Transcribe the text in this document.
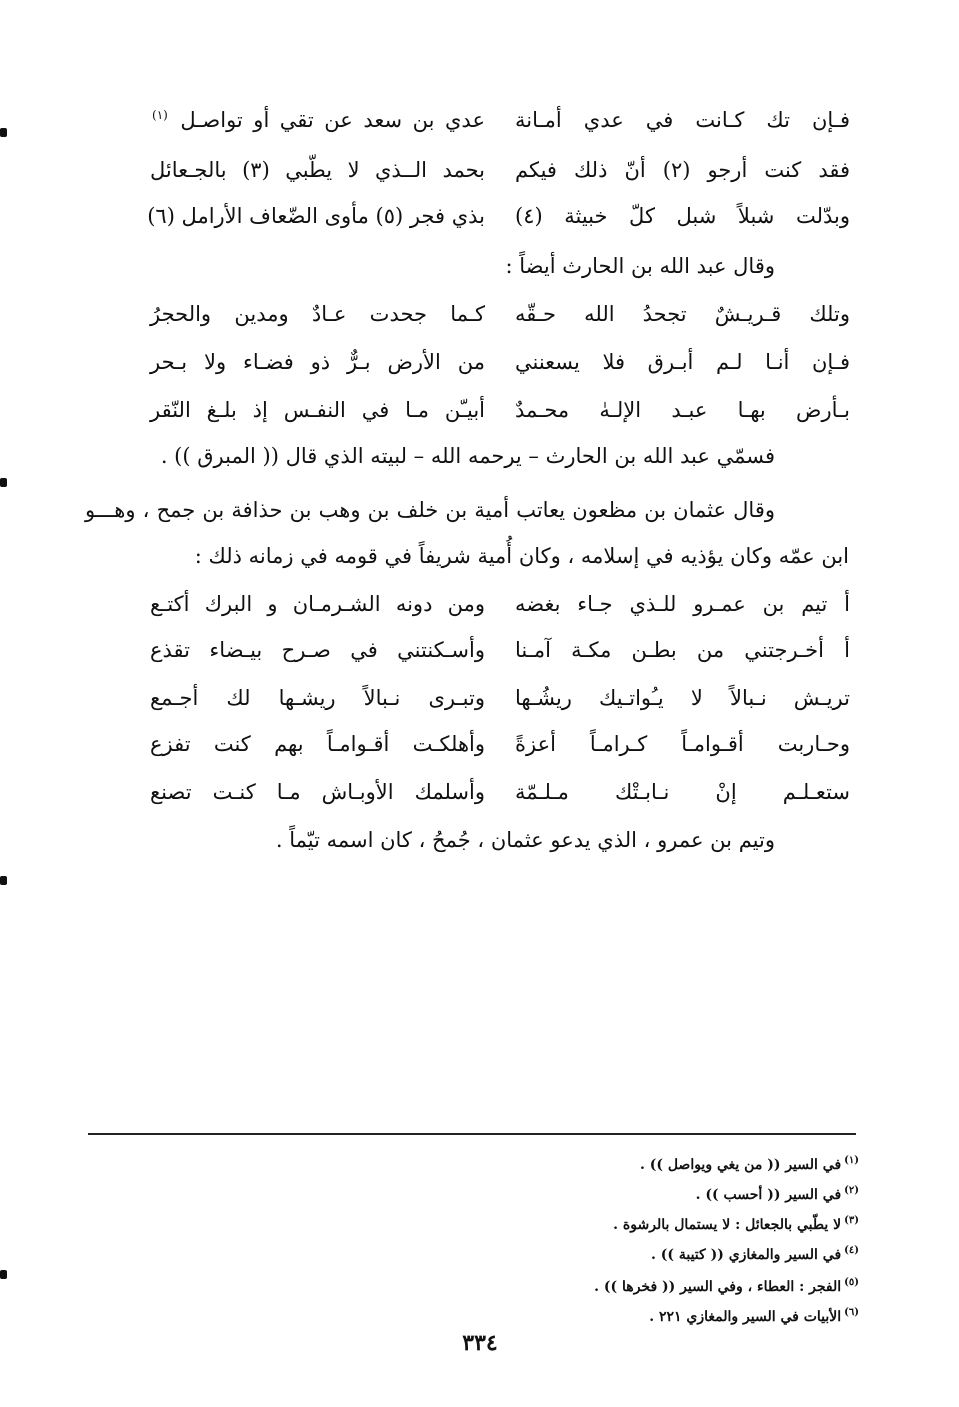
فـإن تك كـانت في عدي أمـانة
عدي بن سعد عن تقي أو تواصـل $^{(١)}$
فقد كنت أرجو (٢) أنّ ذلك فيكم
بحمد الــذي لا يطّبي (٣) بالجـعائل
وبدّلت شبلاً شبل كلّ خبيثة (٤)
بذي فجر (٥) مأوى الضّعاف الأرامل (٦)
وقال عبد الله بن الحارث أيضاً :
وتلك قـريـشٌ تجحدُ الله حـقّه
كـما جحدت عـادٌ ومدين والحجرُ
فـإن أنـا لـم أبـرق فلا يسعنني
من الأرض بـرٌّ ذو فضـاء ولا بـحر
بـأرض بهـا عبـد الإلـهٰ محـمدٌ
أبيـّن مـا في النفـس إذ بلـغ النّقر
فسمّي عبد الله بن الحارث – يرحمه الله – لبيته الذي قال (( المبرق )) .
وقال عثمان بن مظعون يعاتب أمية بن خلف بن وهب بن حذافة بن جمح ، وهـــو
ابن عمّه وكان يؤذيه في إسلامه ، وكان أُمية شريفاً في قومه في زمانه ذلك :
أ تيم بن عمـرو للـذي جـاء بغضه
ومن دونه الشـرمـان و البرك أكتـع
أ أخـرجتني من بطـن مكـة آمـنا
وأسـكنتني في صـرح بيـضاء تقذع
تريـش نـبالاً لا يـُواتـيك ريشُـها
وتبـرى نـبالاً ريشـها لك أجـمع
وحـاربت أقـوامـاً كـرامـاً أعزةً
وأهلكـت أقـوامـاً بهم كنت تفزع
ستعـلـم إنْ نـابـتْك مـلـمّة
وأسلمك الأوبـاش مـا كنـت تصنع
وتيم بن عمرو ، الذي يدعو عثمان ، جُمحُ ، كان اسمه تيّماً .
$^{(١)}$في السير (( من يغي ويواصل )) .
$^{(٢)}$في السير (( أحسب )) .
$^{(٣)}$لا يطّبي بالجعائل : لا يستمال بالرشوة .
$^{(٤)}$في السير والمغازي (( كتيبة )) .
$^{(٥)}$الفجر : العطاء ، وفي السير (( فخرها )) .
$^{(٦)}$الأبيات في السير والمغازي ٢٢١ .
٣٣٤
